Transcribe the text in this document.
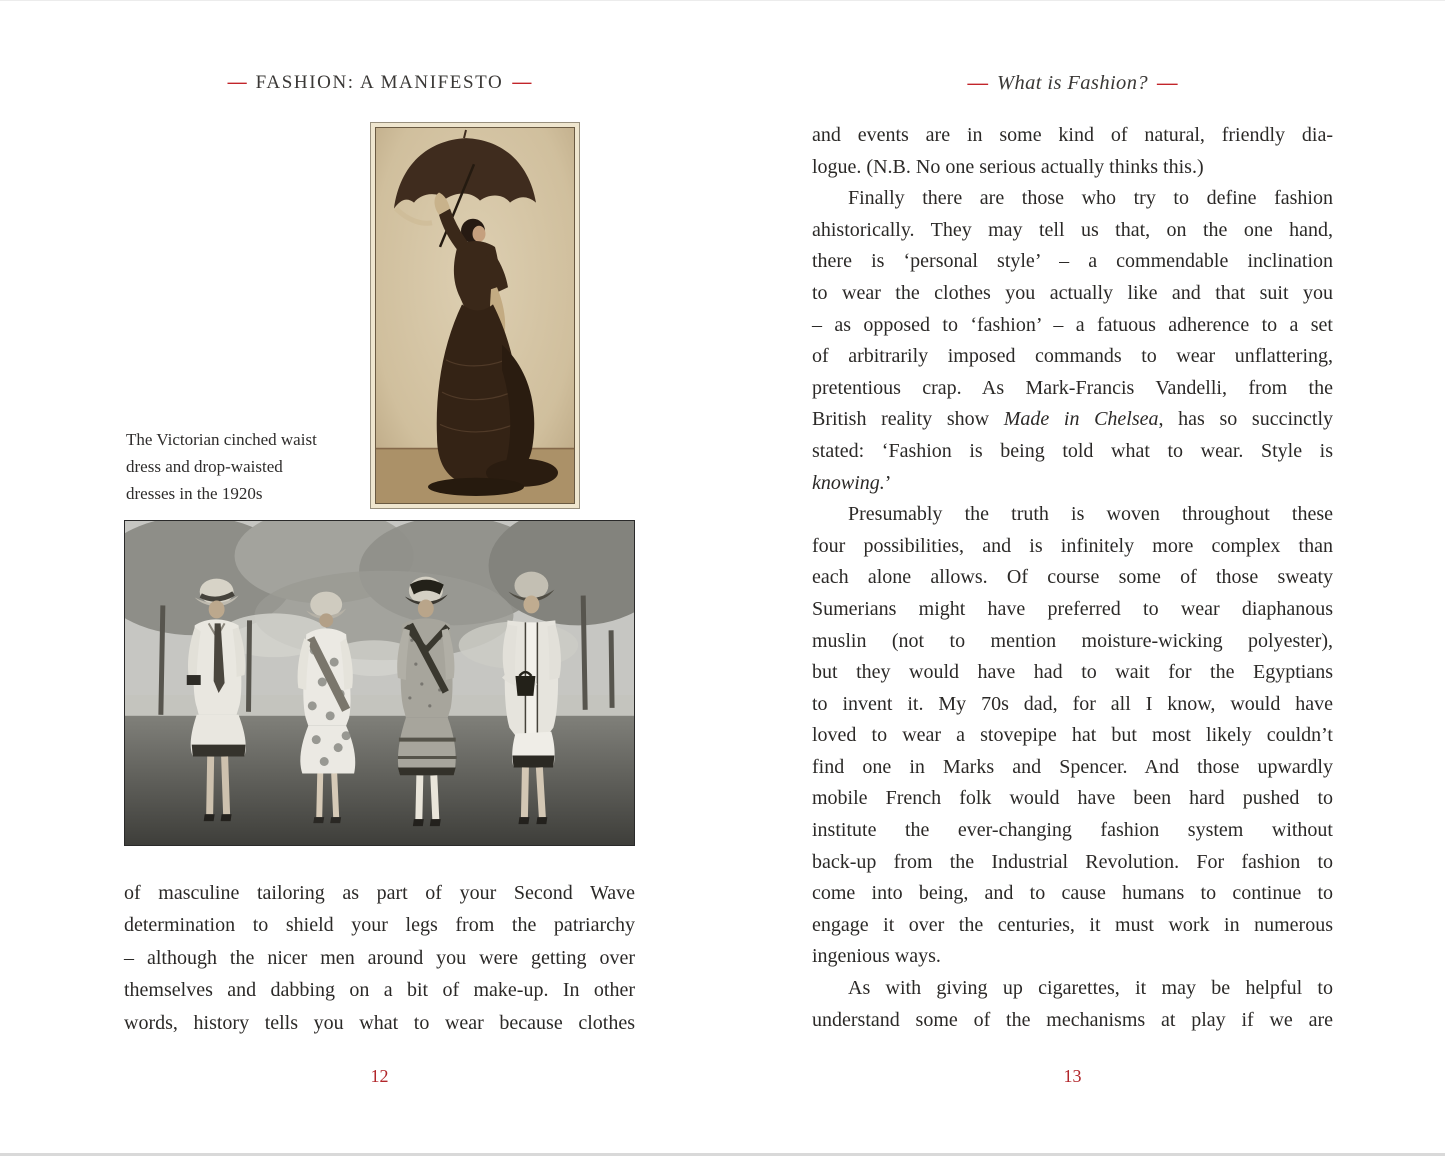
— FASHION: A MANIFESTO —
The Victorian cinched waist
dress and drop-waisted
dresses in the 1920s
of masculine tailoring as part of your Second Wave
determination to shield your legs from the patriarchy
– although the nicer men around you were getting over
themselves and dabbing on a bit of make-up. In other
words, history tells you what to wear because clothes
12
— What is Fashion? —
and events are in some kind of natural, friendly dia-
logue. (N.B. No one serious actually thinks this.)
Finally there are those who try to define fashion
ahistorically. They may tell us that, on the one hand,
there is ‘personal style’ – a commendable inclination
to wear the clothes you actually like and that suit you
– as opposed to ‘fashion’ – a fatuous adherence to a set
of arbitrarily imposed commands to wear unflattering,
pretentious crap. As Mark-Francis Vandelli, from the
British reality show Made in Chelsea, has so succinctly
stated: ‘Fashion is being told what to wear. Style is
knowing.’
Presumably the truth is woven throughout these
four possibilities, and is infinitely more complex than
each alone allows. Of course some of those sweaty
Sumerians might have preferred to wear diaphanous
muslin (not to mention moisture-wicking polyester),
but they would have had to wait for the Egyptians
to invent it. My 70s dad, for all I know, would have
loved to wear a stovepipe hat but most likely couldn’t
find one in Marks and Spencer. And those upwardly
mobile French folk would have been hard pushed to
institute the ever-changing fashion system without
back-up from the Industrial Revolution. For fashion to
come into being, and to cause humans to continue to
engage it over the centuries, it must work in numerous
ingenious ways.
As with giving up cigarettes, it may be helpful to
understand some of the mechanisms at play if we are
13
